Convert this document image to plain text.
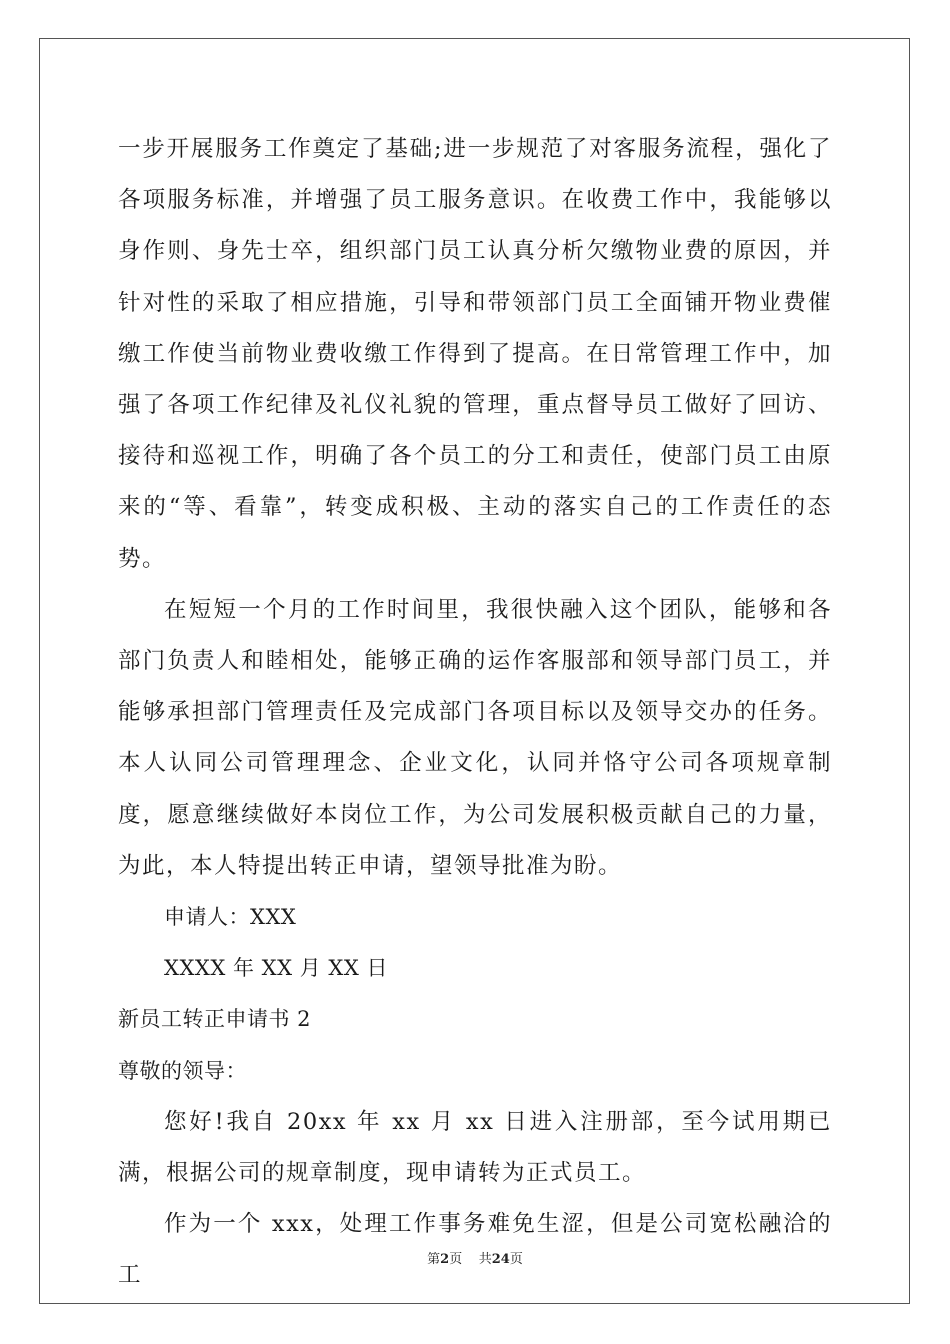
一步开展服务工作奠定了基础;进一步规范了对客服务流程，强化了各项服务标准，并增强了员工服务意识。在收费工作中，我能够以身作则、身先士卒，组织部门员工认真分析欠缴物业费的原因，并针对性的采取了相应措施，引导和带领部门员工全面铺开物业费催缴工作使当前物业费收缴工作得到了提高。在日常管理工作中，加强了各项工作纪律及礼仪礼貌的管理，重点督导员工做好了回访、接待和巡视工作，明确了各个员工的分工和责任，使部门员工由原来的“等、看靠”，转变成积极、主动的落实自己的工作责任的态势。

在短短一个月的工作时间里，我很快融入这个团队，能够和各部门负责人和睦相处，能够正确的运作客服部和领导部门员工，并能够承担部门管理责任及完成部门各项目标以及领导交办的任务。本人认同公司管理理念、企业文化，认同并恪守公司各项规章制度，愿意继续做好本岗位工作，为公司发展积极贡献自己的力量，为此，本人特提出转正申请，望领导批准为盼。

申请人：XXX

XXXX 年 XX 月 XX 日

新员工转正申请书 2

尊敬的领导：

您好!我自 20xx 年 xx 月 xx 日进入注册部，至今试用期已满，根据公司的规章制度，现申请转为正式员工。

作为一个 xxx，处理工作事务难免生涩，但是公司宽松融洽的工

第2页 共24页
